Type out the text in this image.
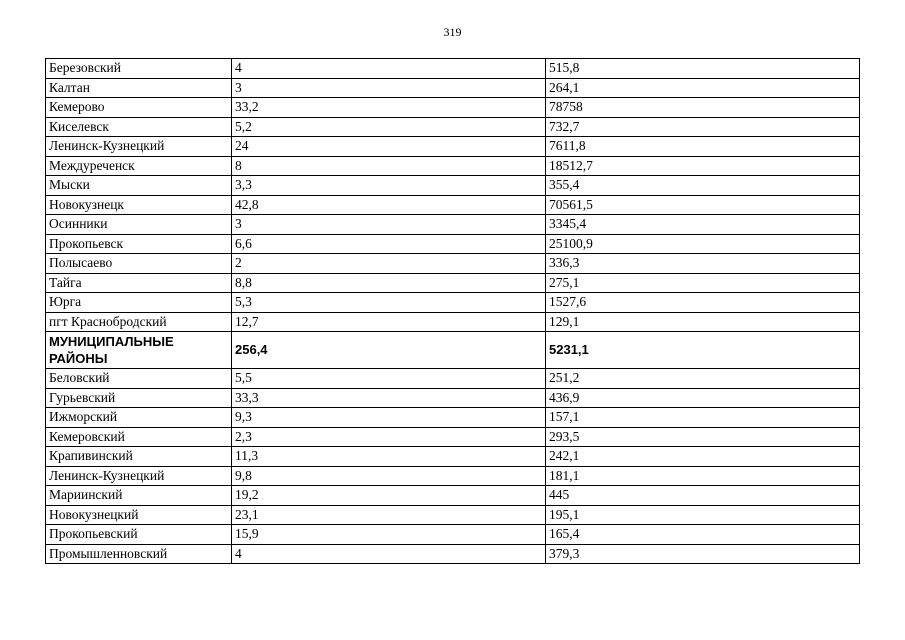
319
Березовский	4	515,8
Калтан	3	264,1
Кемерово	33,2	78758
Киселевск	5,2	732,7
Ленинск-Кузнецкий	24	7611,8
Междуреченск	8	18512,7
Мыски	3,3	355,4
Новокузнецк	42,8	70561,5
Осинники	3	3345,4
Прокопьевск	6,6	25100,9
Полысаево	2	336,3
Тайга	8,8	275,1
Юрга	5,3	1527,6
пгт Краснобродский	12,7	129,1
МУНИЦИПАЛЬНЫЕ РАЙОНЫ	256,4	5231,1
Беловский	5,5	251,2
Гурьевский	33,3	436,9
Ижморский	9,3	157,1
Кемеровский	2,3	293,5
Крапивинский	11,3	242,1
Ленинск-Кузнецкий	9,8	181,1
Мариинский	19,2	445
Новокузнецкий	23,1	195,1
Прокопьевский	15,9	165,4
Промышленновский	4	379,3
